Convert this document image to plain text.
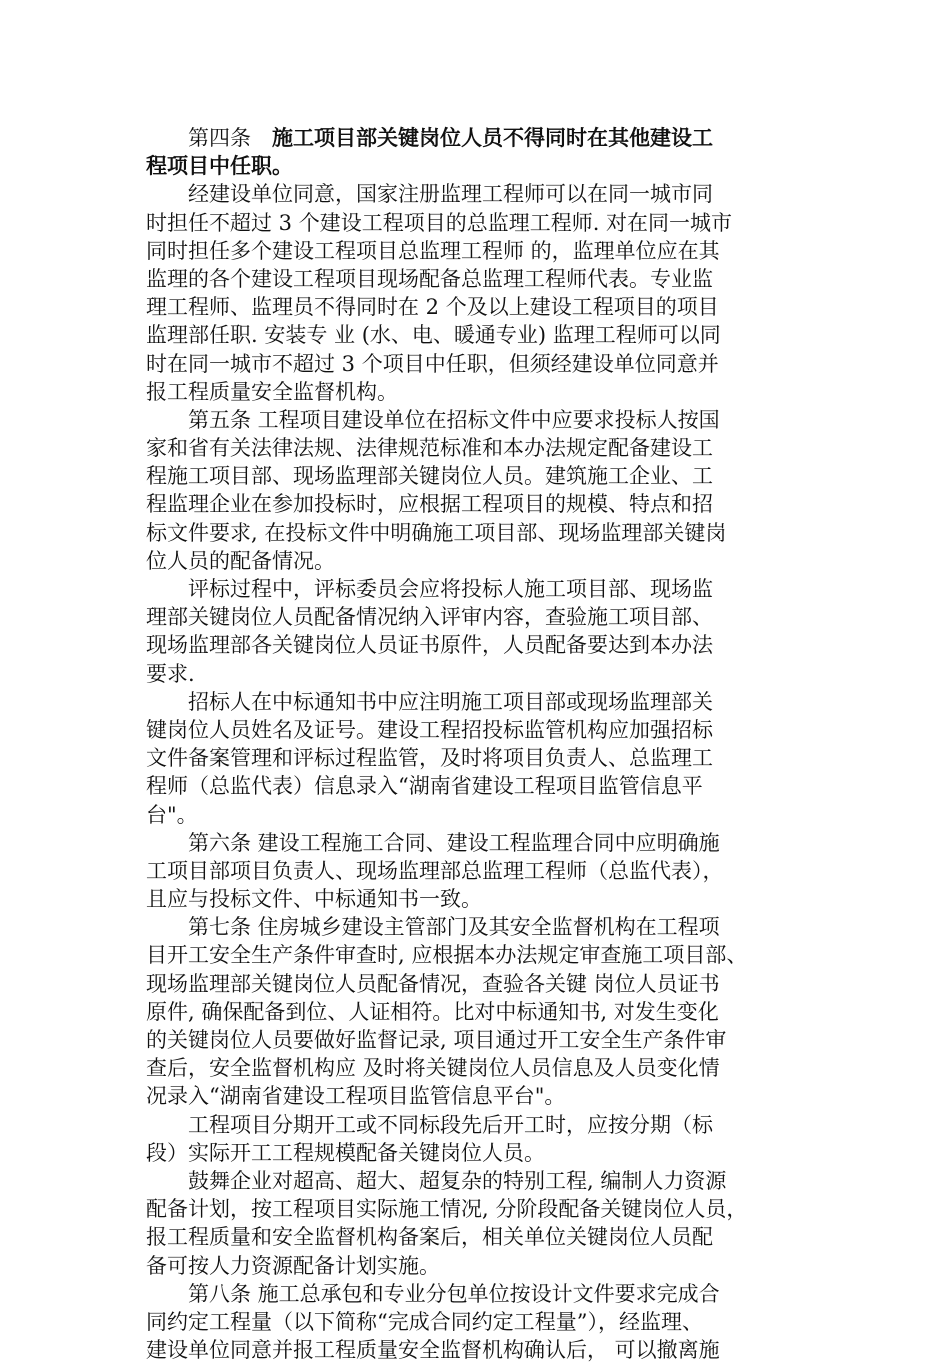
　　第四条　施工项目部关键岗位人员不得同时在其他建设工
程项目中任职。
　　经建设单位同意，国家注册监理工程师可以在同一城市同
时担任不超过 3 个建设工程项目的总监理工程师. 对在同一城市
同时担任多个建设工程项目总监理工程师 的，监理单位应在其
监理的各个建设工程项目现场配备总监理工程师代表。专业监
理工程师、监理员不得同时在 2 个及以上建设工程项目的项目
监理部任职. 安装专 业 (水、电、暖通专业) 监理工程师可以同
时在同一城市不超过 3 个项目中任职，但须经建设单位同意并
报工程质量安全监督机构。
　　第五条 工程项目建设单位在招标文件中应要求投标人按国
家和省有关法律法规、法律规范标准和本办法规定配备建设工
程施工项目部、现场监理部关键岗位人员。建筑施工企业、工
程监理企业在参加投标时，应根据工程项目的规模、特点和招
标文件要求, 在投标文件中明确施工项目部、现场监理部关键岗
位人员的配备情况。
　　评标过程中，评标委员会应将投标人施工项目部、现场监
理部关键岗位人员配备情况纳入评审内容，查验施工项目部、
现场监理部各关键岗位人员证书原件，人员配备要达到本办法
要求.
　　招标人在中标通知书中应注明施工项目部或现场监理部关
键岗位人员姓名及证号。建设工程招投标监管机构应加强招标
文件备案管理和评标过程监管，及时将项目负责人、总监理工
程师（总监代表）信息录入“湖南省建设工程项目监管信息平
台"。
　　第六条 建设工程施工合同、建设工程监理合同中应明确施
工项目部项目负责人、现场监理部总监理工程师（总监代表），
且应与投标文件、中标通知书一致。
　　第七条 住房城乡建设主管部门及其安全监督机构在工程项
目开工安全生产条件审查时, 应根据本办法规定审查施工项目部、
现场监理部关键岗位人员配备情况，查验各关键 岗位人员证书
原件, 确保配备到位、人证相符。比对中标通知书, 对发生变化
的关键岗位人员要做好监督记录, 项目通过开工安全生产条件审
查后，安全监督机构应 及时将关键岗位人员信息及人员变化情
况录入“湖南省建设工程项目监管信息平台"。
　　工程项目分期开工或不同标段先后开工时，应按分期（标
段）实际开工工程规模配备关键岗位人员。
　　鼓舞企业对超高、超大、超复杂的特别工程, 编制人力资源
配备计划，按工程项目实际施工情况, 分阶段配备关键岗位人员，
报工程质量和安全监督机构备案后，相关单位关键岗位人员配
备可按人力资源配备计划实施。
　　第八条 施工总承包和专业分包单位按设计文件要求完成合
同约定工程量（以下简称“完成合同约定工程量”），经监理、
建设单位同意并报工程质量安全监督机构确认后， 可以撤离施
